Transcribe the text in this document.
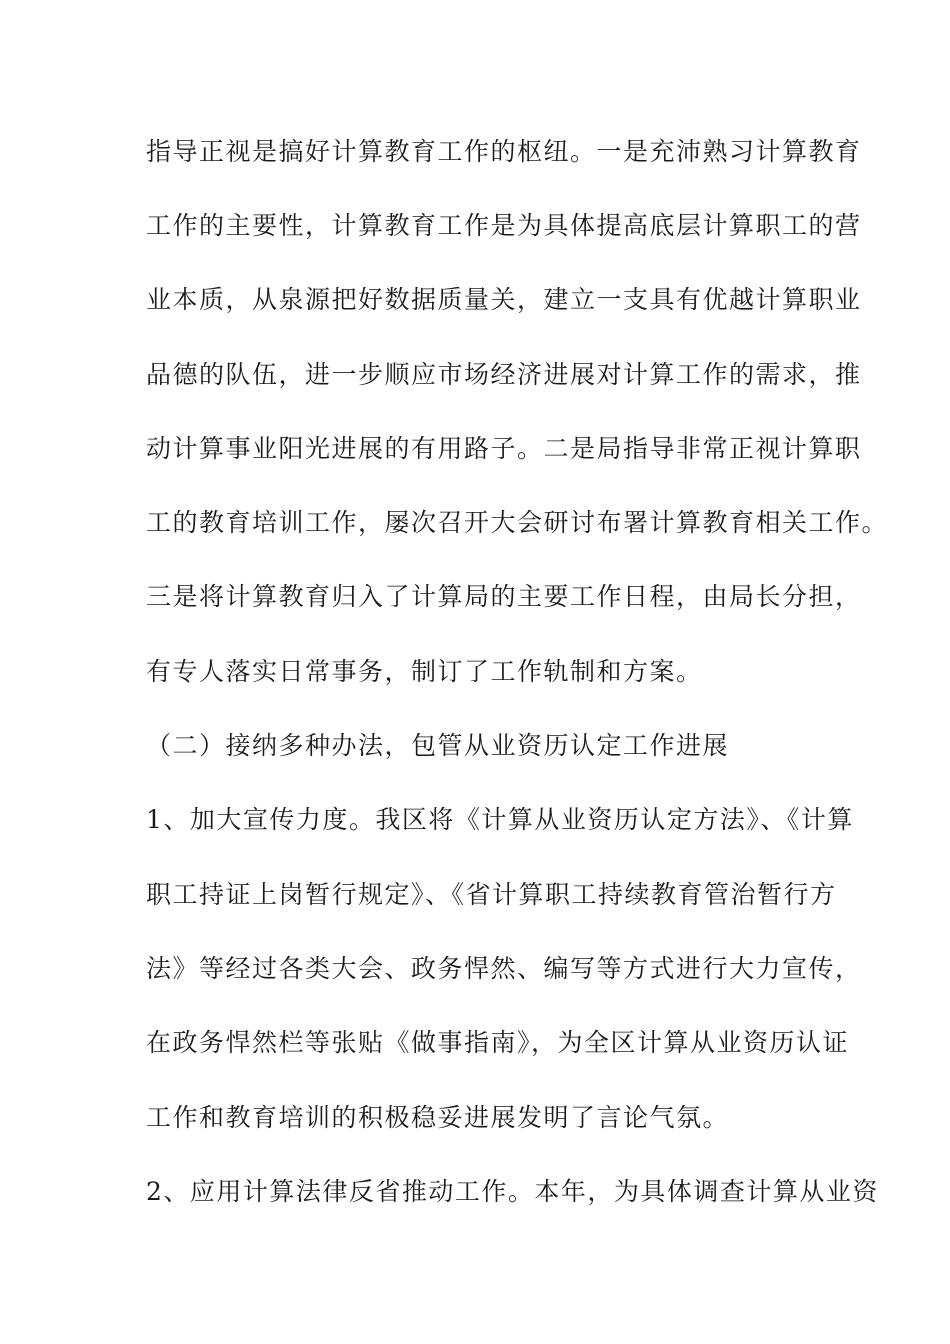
指导正视是搞好计算教育工作的枢纽。一是充沛熟习计算教育
工作的主要性，计算教育工作是为具体提高底层计算职工的营
业本质，从泉源把好数据质量关，建立一支具有优越计算职业
品德的队伍，进一步顺应市场经济进展对计算工作的需求，推
动计算事业阳光进展的有用路子。二是局指导非常正视计算职
工的教育培训工作，屡次召开大会研讨布署计算教育相关工作。
三是将计算教育归入了计算局的主要工作日程，由局长分担，
有专人落实日常事务，制订了工作轨制和方案。
（二）接纳多种办法，包管从业资历认定工作进展
1、加大宣传力度。我区将《计算从业资历认定方法》、《计算
职工持证上岗暂行规定》、《省计算职工持续教育管治暂行方
法》等经过各类大会、政务悍然、编写等方式进行大力宣传，
在政务悍然栏等张贴《做事指南》，为全区计算从业资历认证
工作和教育培训的积极稳妥进展发明了言论气氛。
2、应用计算法律反省推动工作。本年，为具体调查计算从业资
